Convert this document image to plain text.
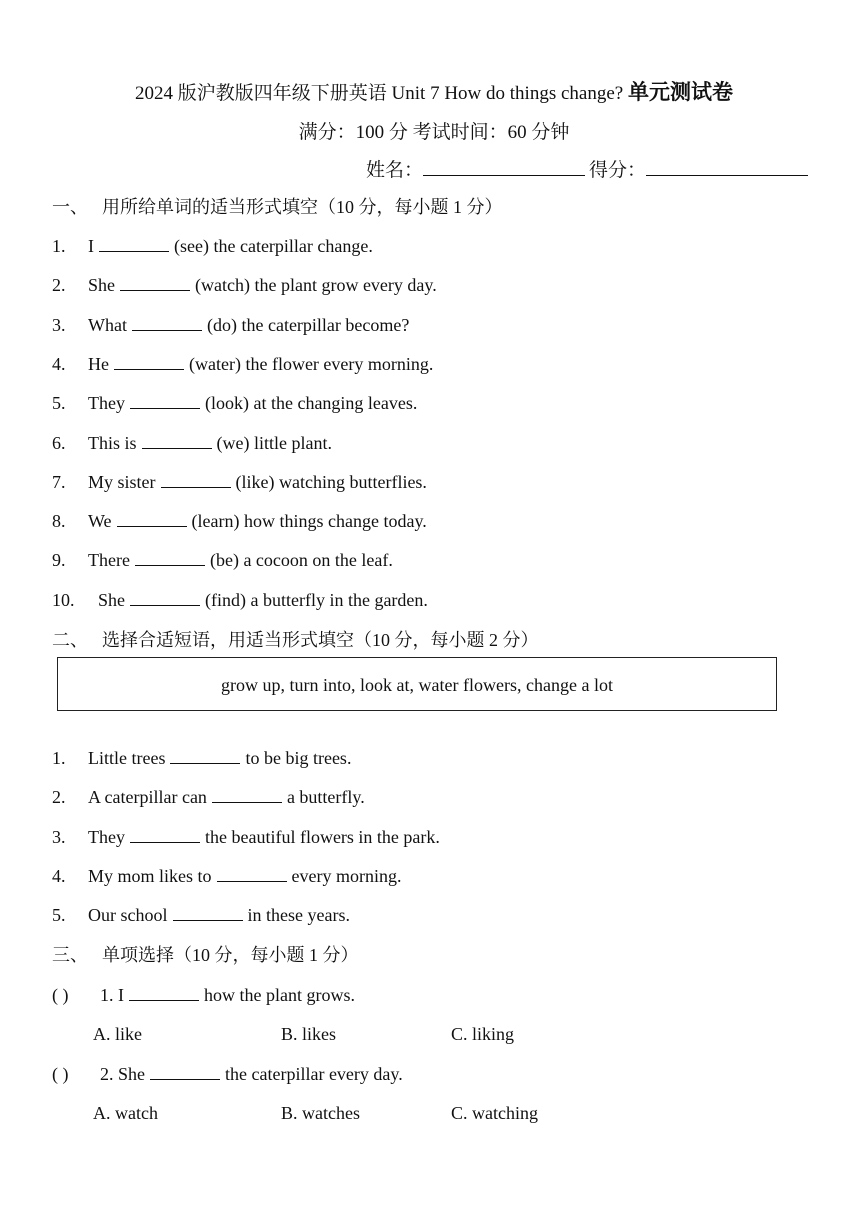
2024 版沪教版四年级下册英语 Unit 7 How do things change? 单元测试卷
满分：100 分 考试时间：60 分钟
姓名：	得分：
一、 用所给单词的适当形式填空（10 分，每小题 1 分）
1. I	(see) the caterpillar change.
2. She	(watch) the plant grow every day.
3. What	(do) the caterpillar become?
4. He	(water) the flower every morning.
5. They	(look) at the changing leaves.
6. This is	(we) little plant.
7. My sister	(like) watching butterflies.
8. We	(learn) how things change today.
9. There	(be) a cocoon on the leaf.
10. She	(find) a butterfly in the garden.
二、 选择合适短语，用适当形式填空（10 分，每小题 2 分）
grow up, turn into, look at, water flowers, change a lot
1. Little trees	to be big trees.
2. A caterpillar can	a butterfly.
3. They	the beautiful flowers in the park.
4. My mom likes to	every morning.
5. Our school	in these years.
三、 单项选择（10 分，每小题 1 分）
( ) 1. I	how the plant grows.
A. like	B. likes	C. liking
( ) 2. She	the caterpillar every day.
A. watch	B. watches	C. watching
